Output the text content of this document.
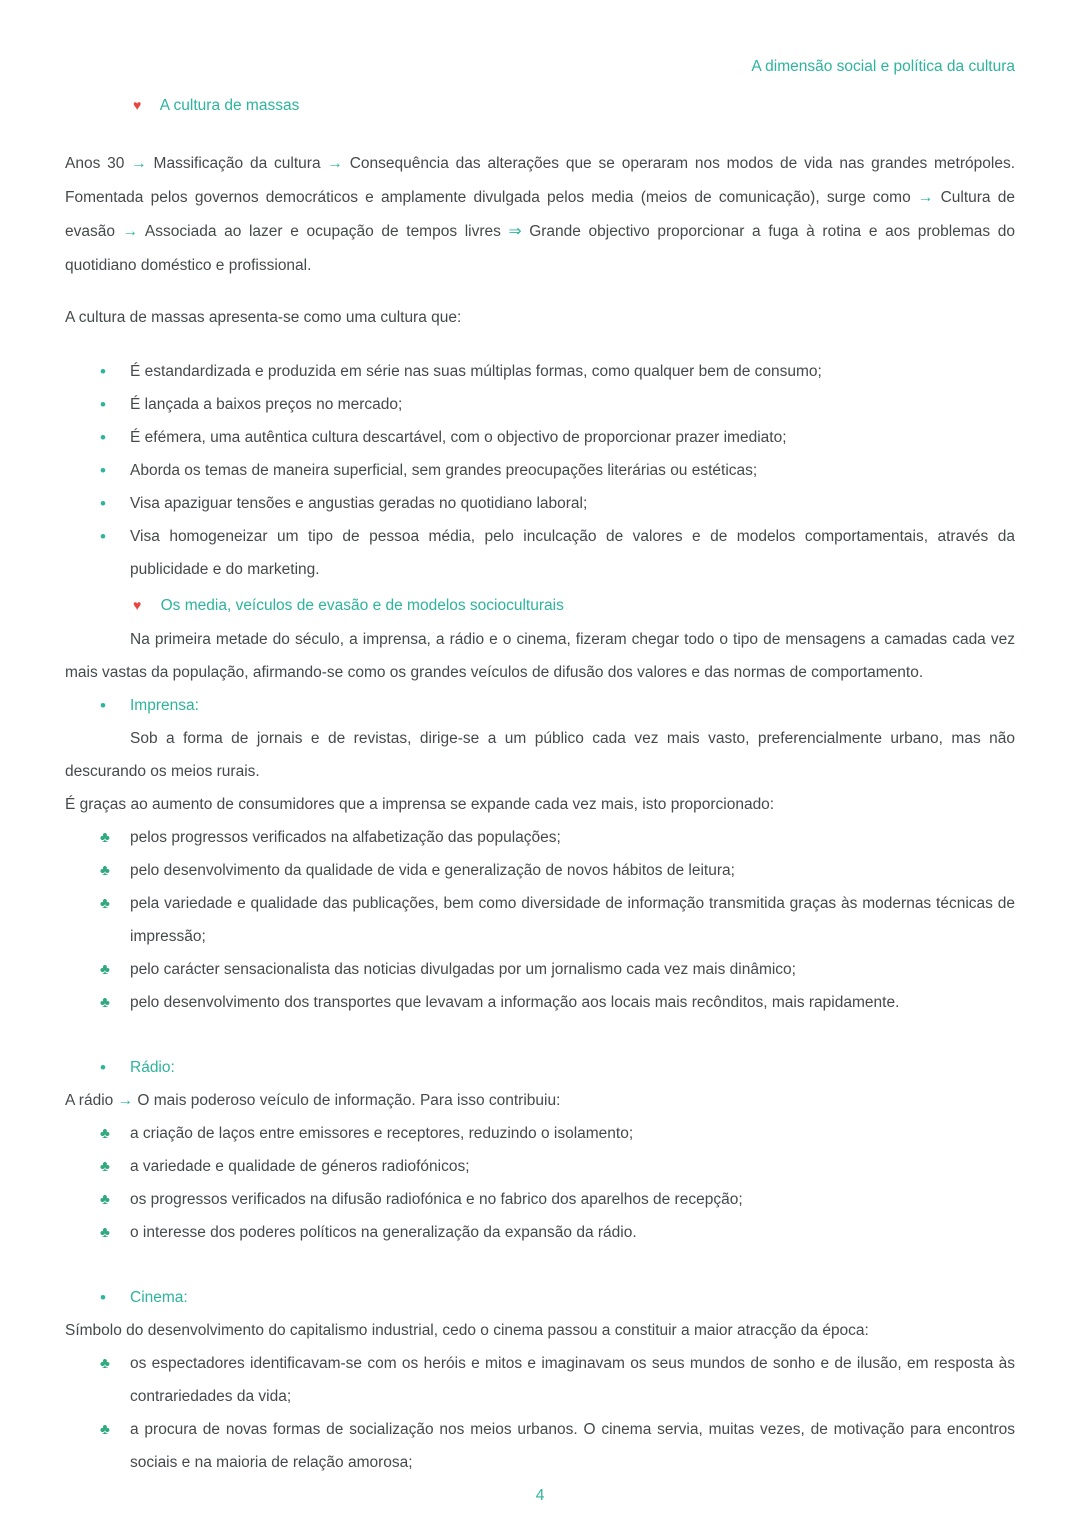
A dimensão social e política da cultura
♥ A cultura de massas

Anos 30 → Massificação da cultura → Consequência das alterações que se operaram nos modos de vida nas grandes metrópoles. Fomentada pelos governos democráticos e amplamente divulgada pelos media (meios de comunicação), surge como → Cultura de evasão → Associada ao lazer e ocupação de tempos livres ⇒ Grande objectivo proporcionar a fuga à rotina e aos problemas do quotidiano doméstico e profissional.

A cultura de massas apresenta-se como uma cultura que:

• É estandardizada e produzida em série nas suas múltiplas formas, como qualquer bem de consumo;
• É lançada a baixos preços no mercado;
• É efémera, uma autêntica cultura descartável, com o objectivo de proporcionar prazer imediato;
• Aborda os temas de maneira superficial, sem grandes preocupações literárias ou estéticas;
• Visa apaziguar tensões e angustias geradas no quotidiano laboral;
• Visa homogeneizar um tipo de pessoa média, pelo inculcação de valores e de modelos comportamentais, através da publicidade e do marketing.
♥ Os media, veículos de evasão e de modelos socioculturais

Na primeira metade do século, a imprensa, a rádio e o cinema, fizeram chegar todo o tipo de mensagens a camadas cada vez mais vastas da população, afirmando-se como os grandes veículos de difusão dos valores e das normas de comportamento.

• Imprensa:

Sob a forma de jornais e de revistas, dirige-se a um público cada vez mais vasto, preferencialmente urbano, mas não descurando os meios rurais.

É graças ao aumento de consumidores que a imprensa se expande cada vez mais, isto proporcionado:

♣ pelos progressos verificados na alfabetização das populações;
♣ pelo desenvolvimento da qualidade de vida e generalização de novos hábitos de leitura;
♣ pela variedade e qualidade das publicações, bem como diversidade de informação transmitida graças às modernas técnicas de impressão;
♣ pelo carácter sensacionalista das noticias divulgadas por um jornalismo cada vez mais dinâmico;
♣ pelo desenvolvimento dos transportes que levavam a informação aos locais mais recônditos, mais rapidamente.
• Rádio:

A rádio → O mais poderoso veículo de informação. Para isso contribuiu:

♣ a criação de laços entre emissores e receptores, reduzindo o isolamento;
♣ a variedade e qualidade de géneros radiofónicos;
♣ os progressos verificados na difusão radiofónica e no fabrico dos aparelhos de recepção;
♣ o interesse dos poderes políticos na generalização da expansão da rádio.
• Cinema:

Símbolo do desenvolvimento do capitalismo industrial, cedo o cinema passou a constituir a maior atracção da época:

♣ os espectadores identificavam-se com os heróis e mitos e imaginavam os seus mundos de sonho e de ilusão, em resposta às contrariedades da vida;
♣ a procura de novas formas de socialização nos meios urbanos. O cinema servia, muitas vezes, de motivação para encontros sociais e na maioria de relação amorosa;
4
